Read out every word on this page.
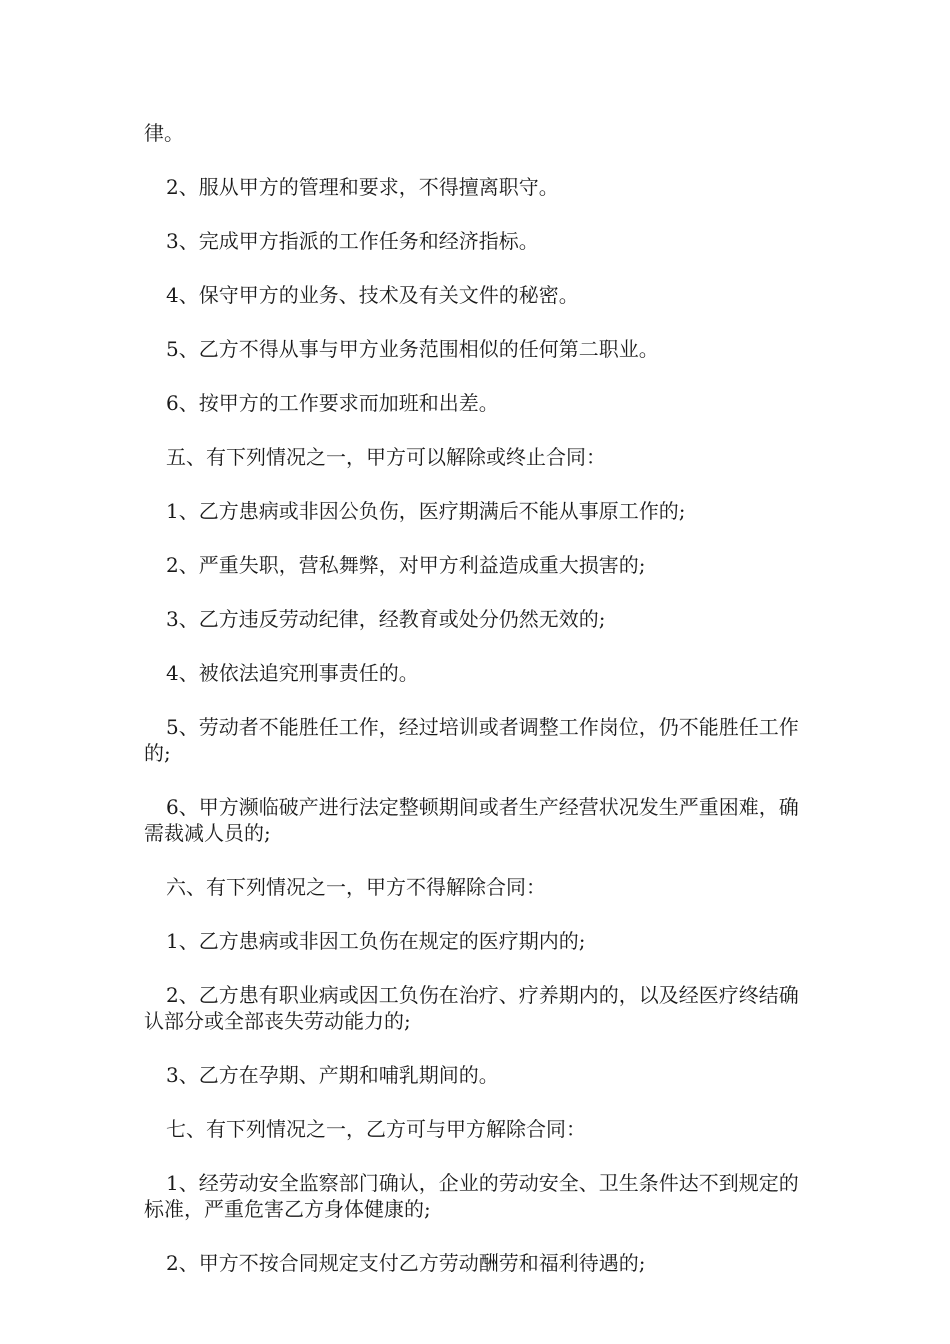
律。

2、服从甲方的管理和要求，不得擅离职守。

3、完成甲方指派的工作任务和经济指标。

4、保守甲方的业务、技术及有关文件的秘密。

5、乙方不得从事与甲方业务范围相似的任何第二职业。

6、按甲方的工作要求而加班和出差。

五、有下列情况之一，甲方可以解除或终止合同：

1、乙方患病或非因公负伤，医疗期满后不能从事原工作的;

2、严重失职，营私舞弊，对甲方利益造成重大损害的;

3、乙方违反劳动纪律，经教育或处分仍然无效的;

4、被依法追究刑事责任的。

5、劳动者不能胜任工作，经过培训或者调整工作岗位，仍不能胜任工作的;

6、甲方濒临破产进行法定整顿期间或者生产经营状况发生严重困难，确需裁减人员的;

六、有下列情况之一，甲方不得解除合同：

1、乙方患病或非因工负伤在规定的医疗期内的;

2、乙方患有职业病或因工负伤在治疗、疗养期内的，以及经医疗终结确认部分或全部丧失劳动能力的;

3、乙方在孕期、产期和哺乳期间的。

七、有下列情况之一，乙方可与甲方解除合同：

1、经劳动安全监察部门确认，企业的劳动安全、卫生条件达不到规定的标准，严重危害乙方身体健康的;

2、甲方不按合同规定支付乙方劳动酬劳和福利待遇的;
